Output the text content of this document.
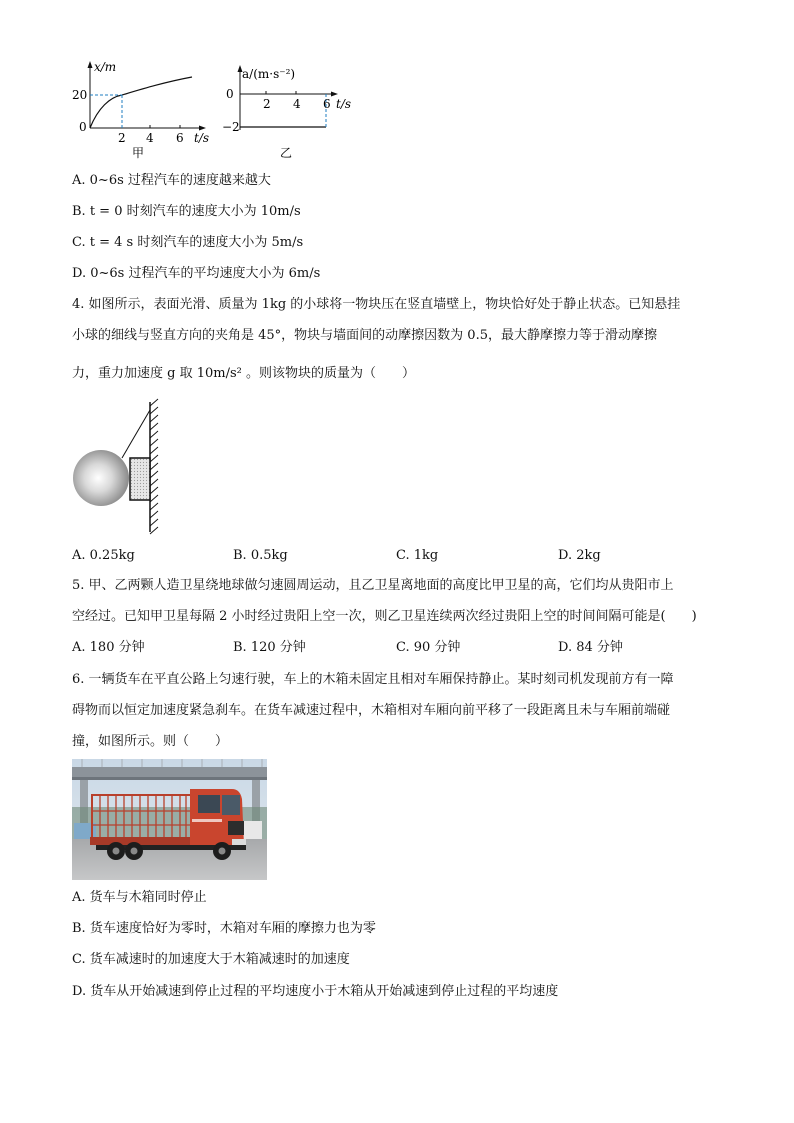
x/m
20
0
2 4 6 t/s
甲
a/(m·s⁻²)
0
−2
2 4 6 t/s
乙
A. 0~6s 过程汽车的速度越来越大
B. t = 0 时刻汽车的速度大小为 10m/s
C. t = 4 s 时刻汽车的速度大小为 5m/s
D. 0~6s 过程汽车的平均速度大小为 6m/s
4. 如图所示，表面光滑、质量为 1kg 的小球将一物块压在竖直墙壁上，物块恰好处于静止状态。已知悬挂
小球的细线与竖直方向的夹角是 45°，物块与墙面间的动摩擦因数为 0.5，最大静摩擦力等于滑动摩擦
力，重力加速度 g 取 10m/s² 。则该物块的质量为（　　）
A. 0.25kg	B. 0.5kg	C. 1kg	D. 2kg
5. 甲、乙两颗人造卫星绕地球做匀速圆周运动，且乙卫星离地面的高度比甲卫星的高，它们均从贵阳市上
空经过。已知甲卫星每隔 2 小时经过贵阳上空一次，则乙卫星连续两次经过贵阳上空的时间间隔可能是(　　)
A. 180 分钟	B. 120 分钟	C. 90 分钟	D. 84 分钟
6. 一辆货车在平直公路上匀速行驶，车上的木箱未固定且相对车厢保持静止。某时刻司机发现前方有一障
碍物而以恒定加速度紧急刹车。在货车减速过程中，木箱相对车厢向前平移了一段距离且未与车厢前端碰
撞，如图所示。则（　　）
A. 货车与木箱同时停止
B. 货车速度恰好为零时，木箱对车厢的摩擦力也为零
C. 货车减速时的加速度大于木箱减速时的加速度
D. 货车从开始减速到停止过程的平均速度小于木箱从开始减速到停止过程的平均速度
